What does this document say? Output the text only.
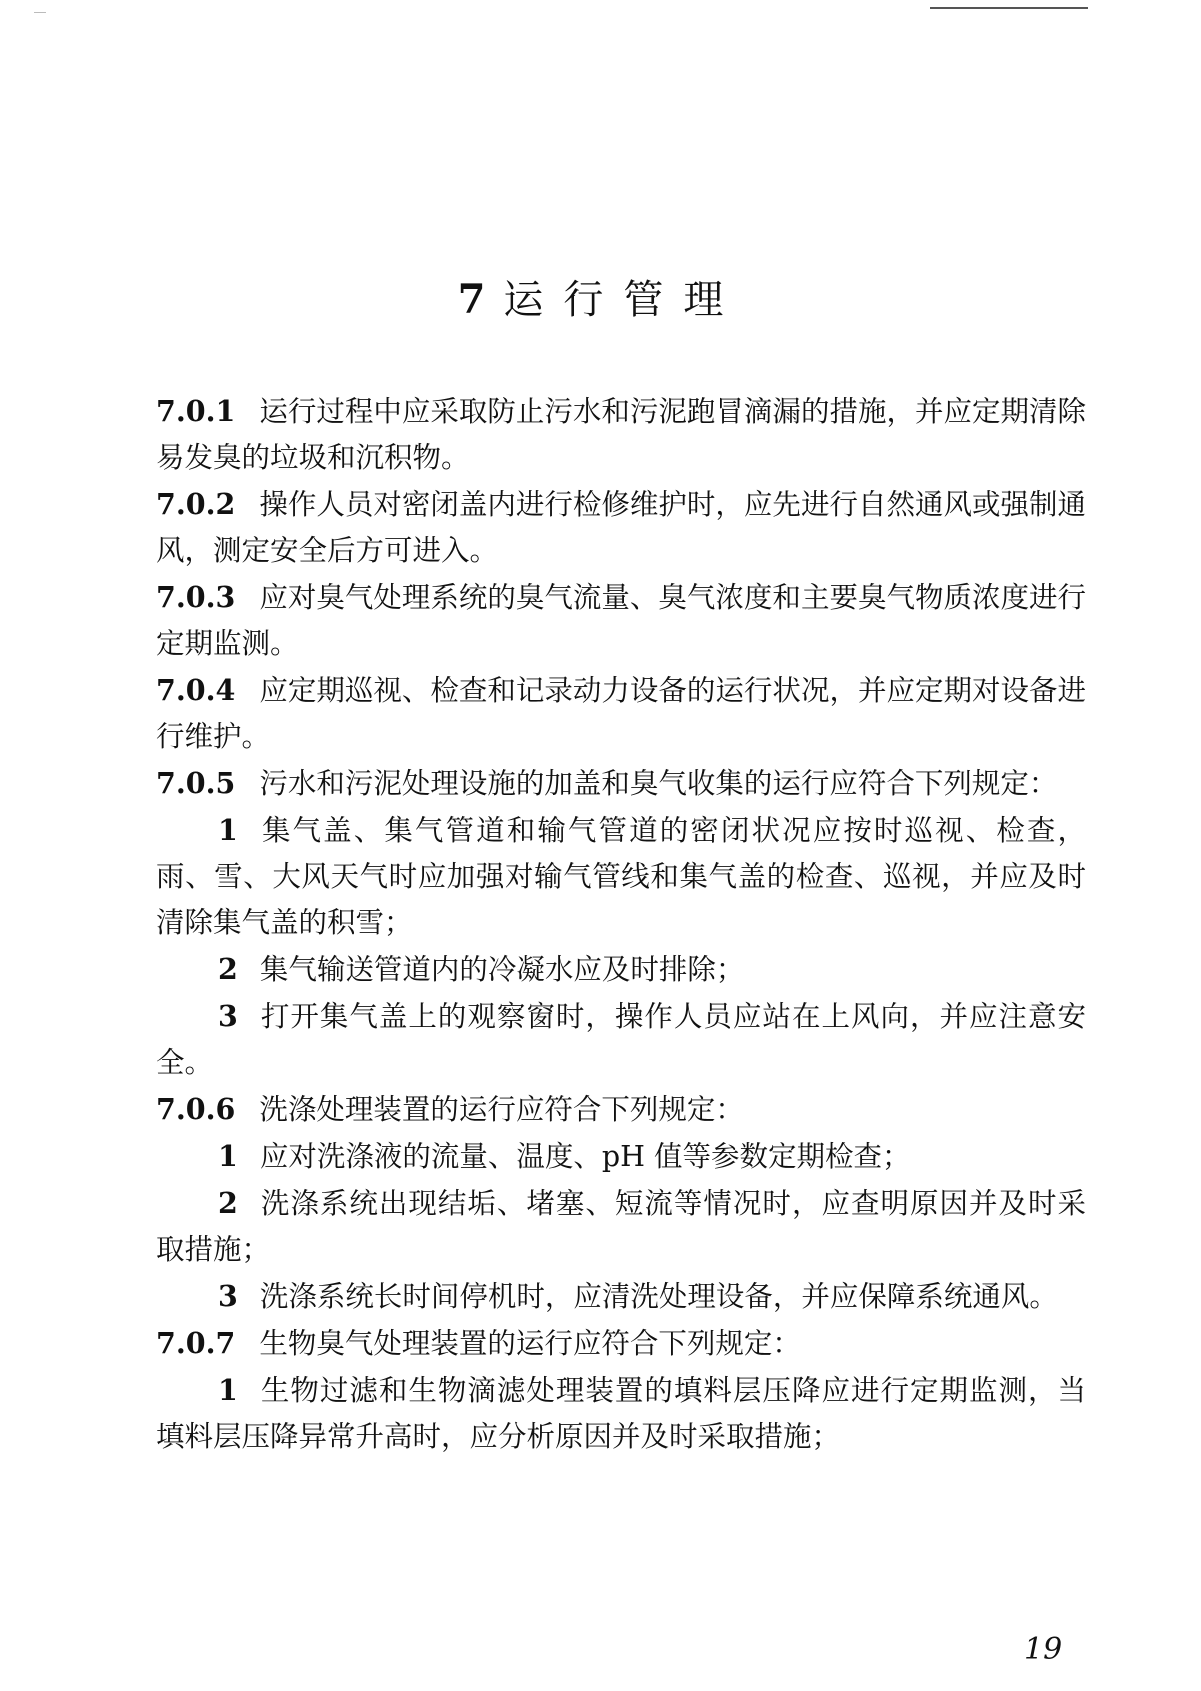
7 运行管理

7.0.1 运行过程中应采取防止污水和污泥跑冒滴漏的措施，并应定期清除易发臭的垃圾和沉积物。

7.0.2 操作人员对密闭盖内进行检修维护时，应先进行自然通风或强制通风，测定安全后方可进入。

7.0.3 应对臭气处理系统的臭气流量、臭气浓度和主要臭气物质浓度进行定期监测。

7.0.4 应定期巡视、检查和记录动力设备的运行状况，并应定期对设备进行维护。

7.0.5 污水和污泥处理设施的加盖和臭气收集的运行应符合下列规定：

1 集气盖、集气管道和输气管道的密闭状况应按时巡视、检查，雨、雪、大风天气时应加强对输气管线和集气盖的检查、巡视，并应及时清除集气盖的积雪；

2 集气输送管道内的冷凝水应及时排除；

3 打开集气盖上的观察窗时，操作人员应站在上风向，并应注意安全。

7.0.6 洗涤处理装置的运行应符合下列规定：

1 应对洗涤液的流量、温度、pH 值等参数定期检查；

2 洗涤系统出现结垢、堵塞、短流等情况时，应查明原因并及时采取措施；

3 洗涤系统长时间停机时，应清洗处理设备，并应保障系统通风。

7.0.7 生物臭气处理装置的运行应符合下列规定：

1 生物过滤和生物滴滤处理装置的填料层压降应进行定期监测，当填料层压降异常升高时，应分析原因并及时采取措施；

19
